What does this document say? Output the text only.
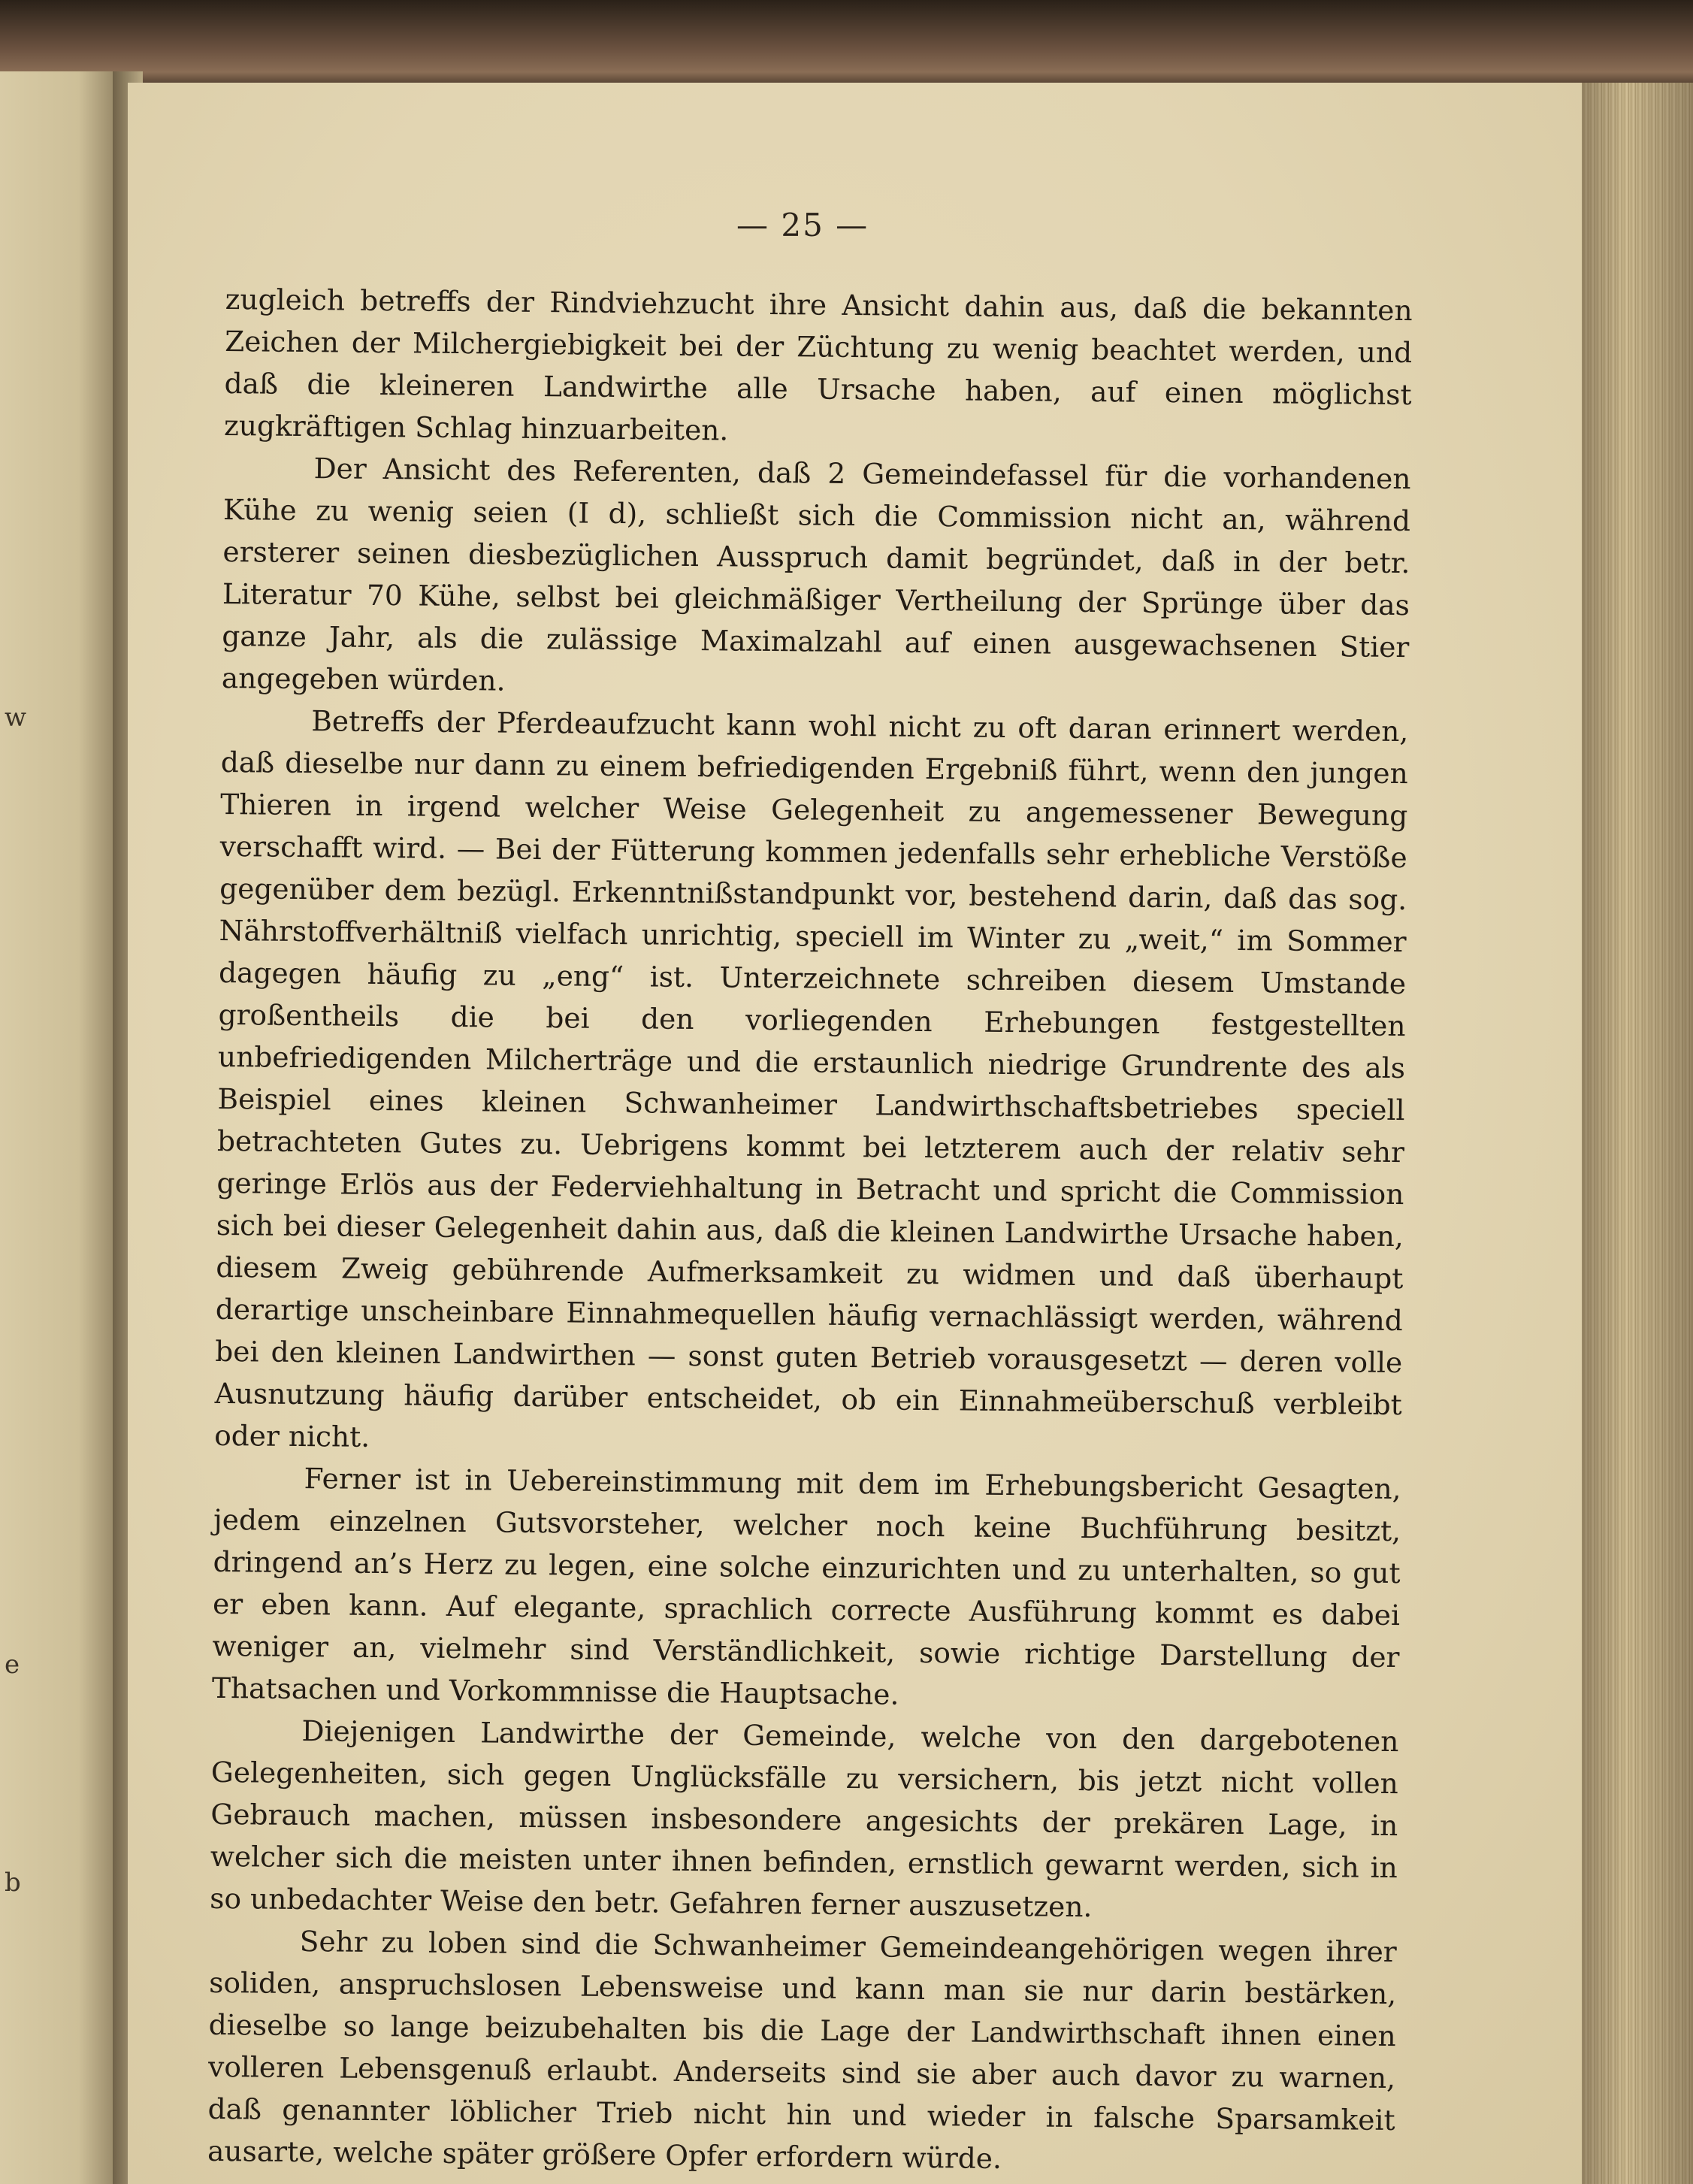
w
e
b
— 25 —

zugleich betreffs der Rindviehzucht ihre Ansicht dahin aus, daß die bekannten Zeichen der Milchergiebigkeit bei der Züchtung zu wenig beachtet werden, und daß die kleineren Landwirthe alle Ursache haben, auf einen möglichst zugkräftigen Schlag hinzuarbeiten.

Der Ansicht des Referenten, daß 2 Gemeindefassel für die vorhandenen Kühe zu wenig seien (I d), schließt sich die Commission nicht an, während ersterer seinen diesbezüglichen Ausspruch damit begründet, daß in der betr. Literatur 70 Kühe, selbst bei gleichmäßiger Vertheilung der Sprünge über das ganze Jahr, als die zulässige Maximalzahl auf einen ausgewachsenen Stier angegeben würden.

Betreffs der Pferdeaufzucht kann wohl nicht zu oft daran erinnert werden, daß dieselbe nur dann zu einem befriedigenden Ergebniß führt, wenn den jungen Thieren in irgend welcher Weise Gelegenheit zu angemessener Bewegung verschafft wird. — Bei der Fütterung kommen jedenfalls sehr erhebliche Verstöße gegenüber dem bezügl. Erkenntnißstandpunkt vor, bestehend darin, daß das sog. Nährstoffverhältniß vielfach unrichtig, speciell im Winter zu „weit,“ im Sommer dagegen häufig zu „eng“ ist. Unterzeichnete schreiben diesem Umstande großentheils die bei den vorliegenden Erhebungen festgestellten unbefriedigenden Milcherträge und die erstaunlich niedrige Grundrente des als Beispiel eines kleinen Schwanheimer Landwirthschaftsbetriebes speciell betrachteten Gutes zu. Uebrigens kommt bei letzterem auch der relativ sehr geringe Erlös aus der Federviehhaltung in Betracht und spricht die Commission sich bei dieser Gelegenheit dahin aus, daß die kleinen Landwirthe Ursache haben, diesem Zweig gebührende Aufmerksamkeit zu widmen und daß überhaupt derartige unscheinbare Einnahmequellen häufig vernachlässigt werden, während bei den kleinen Landwirthen — sonst guten Betrieb vorausgesetzt — deren volle Ausnutzung häufig darüber entscheidet, ob ein Einnahmeüberschuß verbleibt oder nicht.

Ferner ist in Uebereinstimmung mit dem im Erhebungsbericht Gesagten, jedem einzelnen Gutsvorsteher, welcher noch keine Buchführung besitzt, dringend an’s Herz zu legen, eine solche einzurichten und zu unterhalten, so gut er eben kann. Auf elegante, sprachlich correcte Ausführung kommt es dabei weniger an, vielmehr sind Verständlichkeit, sowie richtige Darstellung der Thatsachen und Vorkommnisse die Hauptsache.

Diejenigen Landwirthe der Gemeinde, welche von den dargebotenen Gelegenheiten, sich gegen Unglücksfälle zu versichern, bis jetzt nicht vollen Gebrauch machen, müssen insbesondere angesichts der prekären Lage, in welcher sich die meisten unter ihnen befinden, ernstlich gewarnt werden, sich in so unbedachter Weise den betr. Gefahren ferner auszusetzen.

Sehr zu loben sind die Schwanheimer Gemeindeangehörigen wegen ihrer soliden, anspruchslosen Lebensweise und kann man sie nur darin bestärken, dieselbe so lange beizubehalten bis die Lage der Landwirthschaft ihnen einen volleren Lebensgenuß erlaubt. Anderseits sind sie aber auch davor zu warnen, daß genannter löblicher Trieb nicht hin und wieder in falsche Sparsamkeit ausarte, welche später größere Opfer erfordern würde.
